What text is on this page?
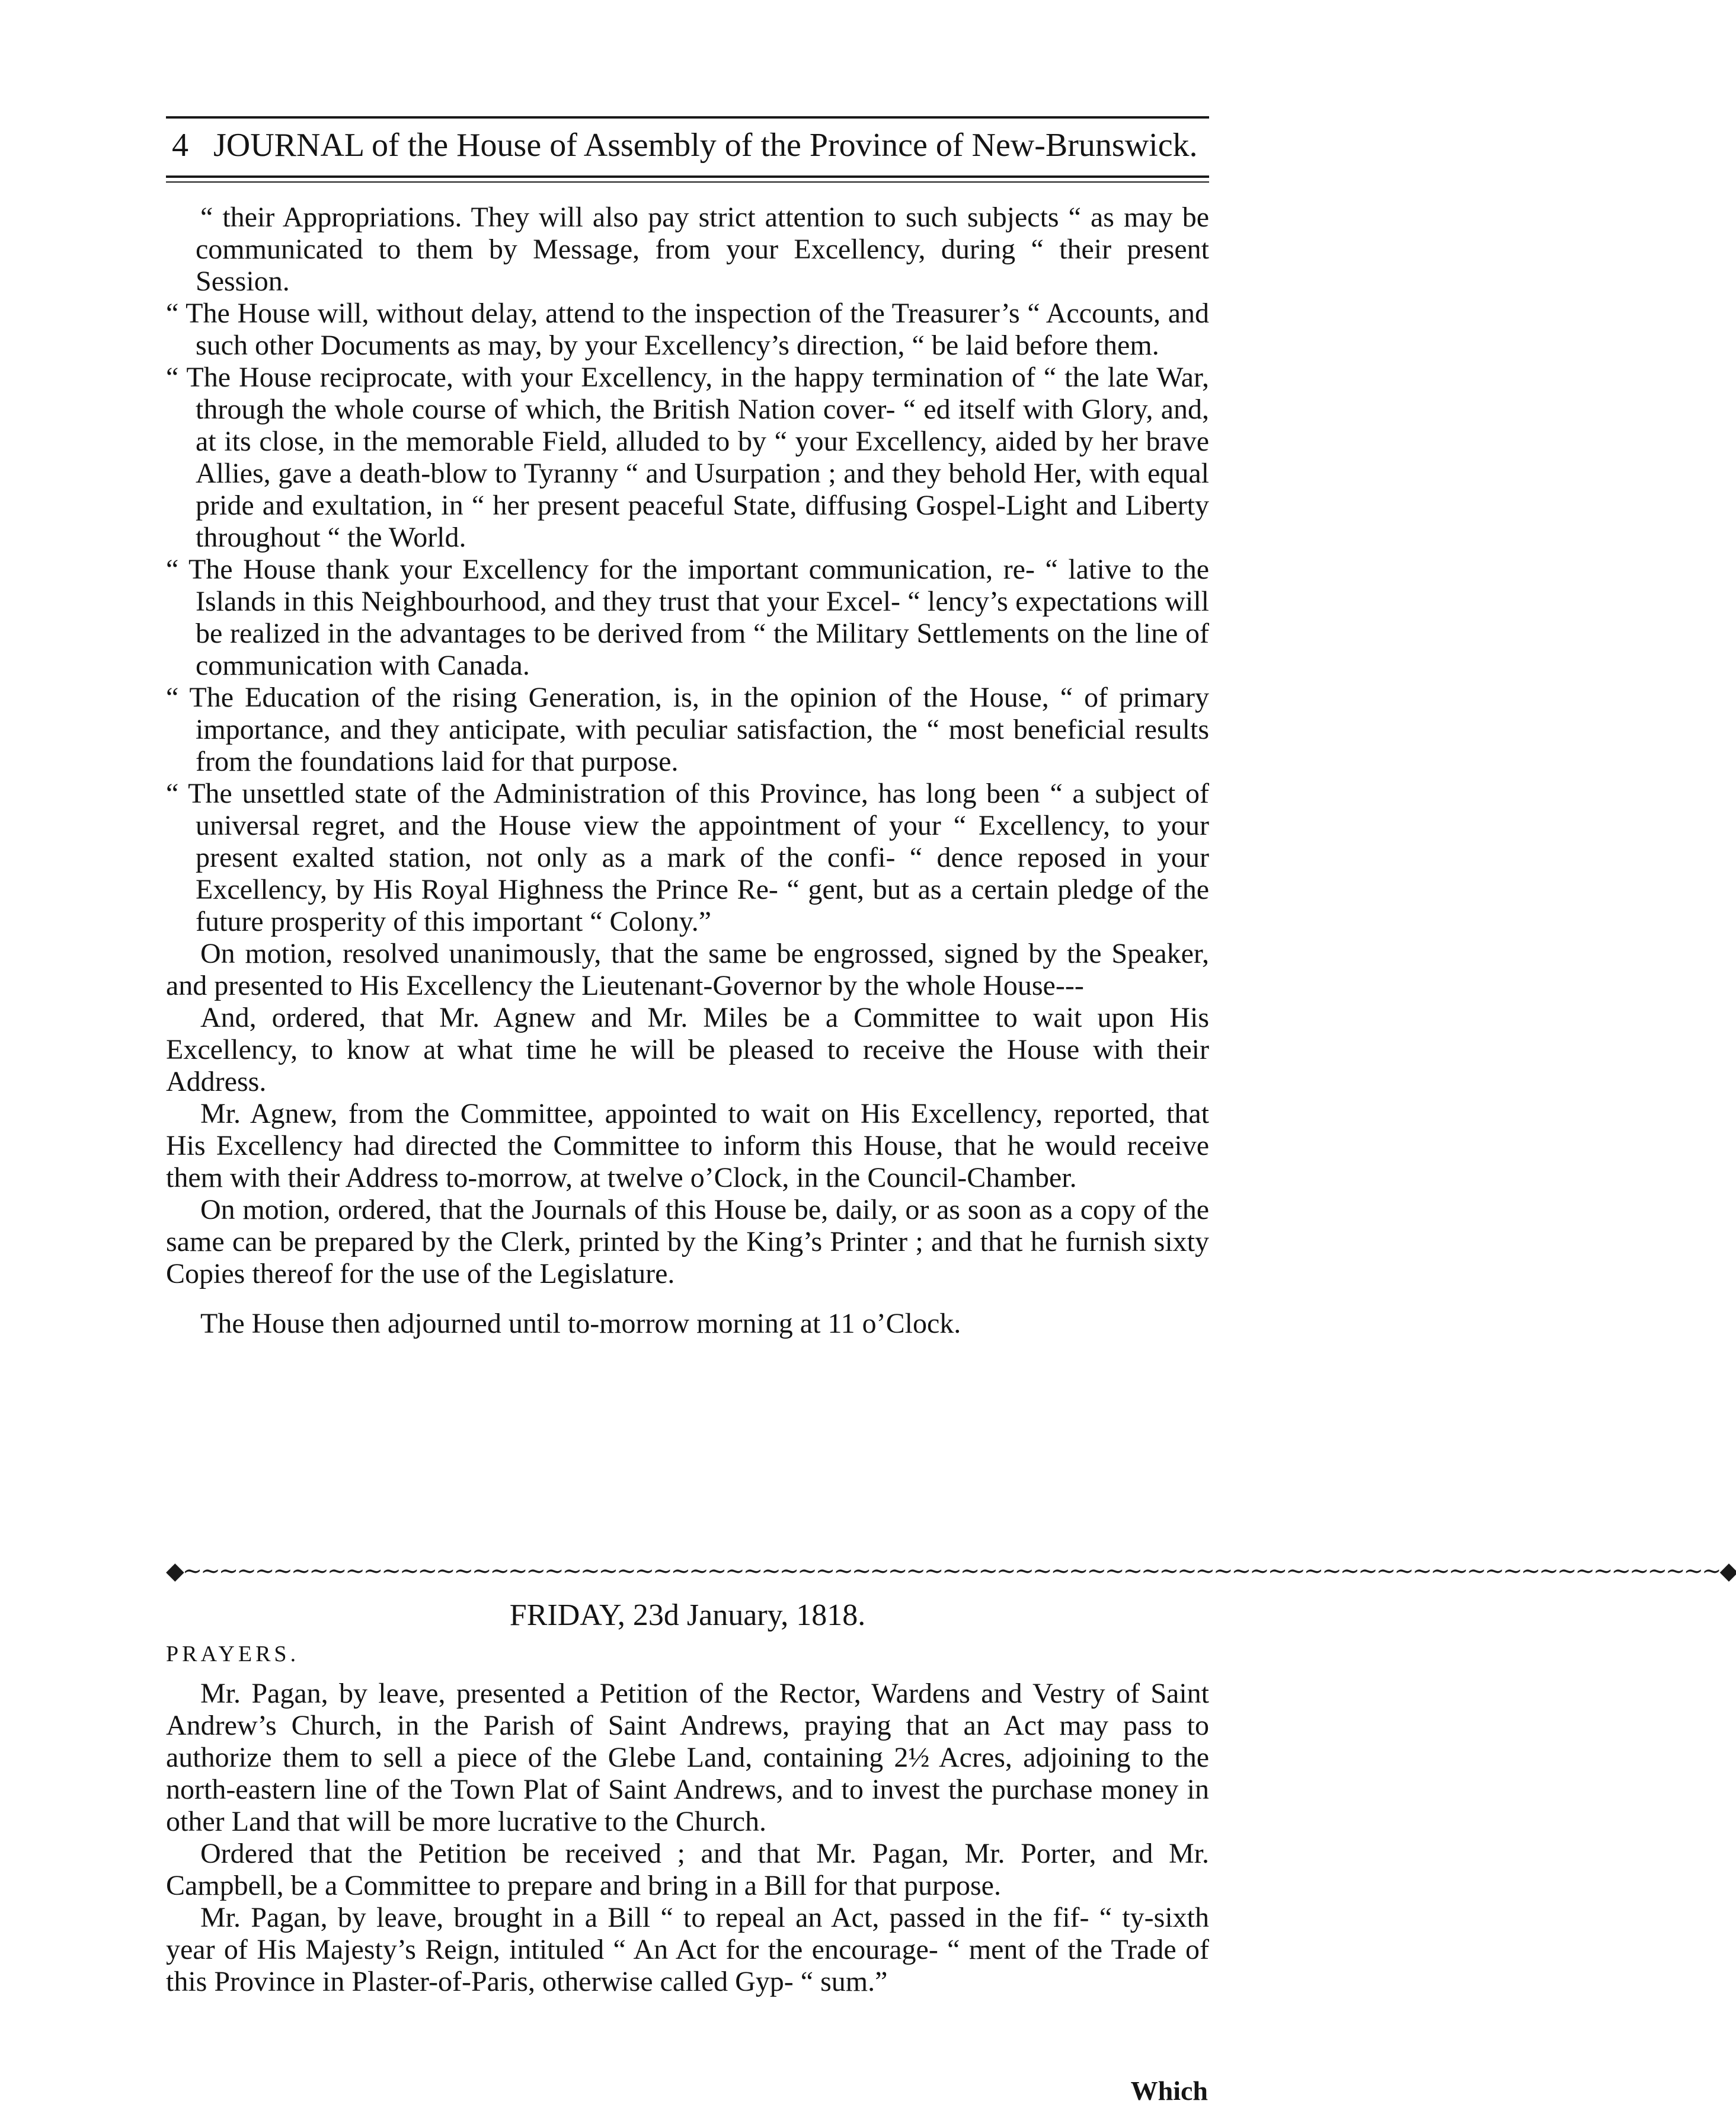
4 JOURNAL of the House of Assembly of the Province of New-Brunswick.

“ their Appropriations. They will also pay strict attention to such subjects “ as may be communicated to them by Message, from your Excellency, during “ their present Session.

“ The House will, without delay, attend to the inspection of the Treasurer’s “ Accounts, and such other Documents as may, by your Excellency’s direction, “ be laid before them.

“ The House reciprocate, with your Excellency, in the happy termination of “ the late War, through the whole course of which, the British Nation cover- “ ed itself with Glory, and, at its close, in the memorable Field, alluded to by “ your Excellency, aided by her brave Allies, gave a death-blow to Tyranny “ and Usurpation ; and they behold Her, with equal pride and exultation, in “ her present peaceful State, diffusing Gospel-Light and Liberty throughout “ the World.

“ The House thank your Excellency for the important communication, re- “ lative to the Islands in this Neighbourhood, and they trust that your Excel- “ lency’s expectations will be realized in the advantages to be derived from “ the Military Settlements on the line of communication with Canada.

“ The Education of the rising Generation, is, in the opinion of the House, “ of primary importance, and they anticipate, with peculiar satisfaction, the “ most beneficial results from the foundations laid for that purpose.

“ The unsettled state of the Administration of this Province, has long been “ a subject of universal regret, and the House view the appointment of your “ Excellency, to your present exalted station, not only as a mark of the confi- “ dence reposed in your Excellency, by His Royal Highness the Prince Re- “ gent, but as a certain pledge of the future prosperity of this important “ Colony.”

On motion, resolved unanimously, that the same be engrossed, signed by the Speaker, and presented to His Excellency the Lieutenant-Governor by the whole House---

And, ordered, that Mr. Agnew and Mr. Miles be a Committee to wait upon His Excellency, to know at what time he will be pleased to receive the House with their Address.

Mr. Agnew, from the Committee, appointed to wait on His Excellency, reported, that His Excellency had directed the Committee to inform this House, that he would receive them with their Address to-morrow, at twelve o’Clock, in the Council-Chamber.

On motion, ordered, that the Journals of this House be, daily, or as soon as a copy of the same can be prepared by the Clerk, printed by the King’s Printer ; and that he furnish sixty Copies thereof for the use of the Legislature.

The House then adjourned until to-morrow morning at 11 o’Clock.

◆∼∼∼∼∼∼∼∼∼∼∼∼∼∼∼∼∼∼∼∼∼∼∼∼∼∼∼∼∼∼∼∼∼∼∼∼∼∼∼∼∼∼∼∼∼∼∼∼∼∼∼∼∼∼∼∼∼∼∼∼∼∼∼∼∼∼∼∼∼∼∼∼∼∼∼∼∼∼∼∼∼∼∼∼∼◆
FRIDAY, 23d January, 1818.
PRAYERS.

Mr. Pagan, by leave, presented a Petition of the Rector, Wardens and Vestry of Saint Andrew’s Church, in the Parish of Saint Andrews, praying that an Act may pass to authorize them to sell a piece of the Glebe Land, containing 2½ Acres, adjoining to the north-eastern line of the Town Plat of Saint Andrews, and to invest the purchase money in other Land that will be more lucrative to the Church.

Ordered that the Petition be received ; and that Mr. Pagan, Mr. Porter, and Mr. Campbell, be a Committee to prepare and bring in a Bill for that purpose.

Mr. Pagan, by leave, brought in a Bill “ to repeal an Act, passed in the fif- “ ty-sixth year of His Majesty’s Reign, intituled “ An Act for the encourage- “ ment of the Trade of this Province in Plaster-of-Paris, otherwise called Gyp- “ sum.”

Which
